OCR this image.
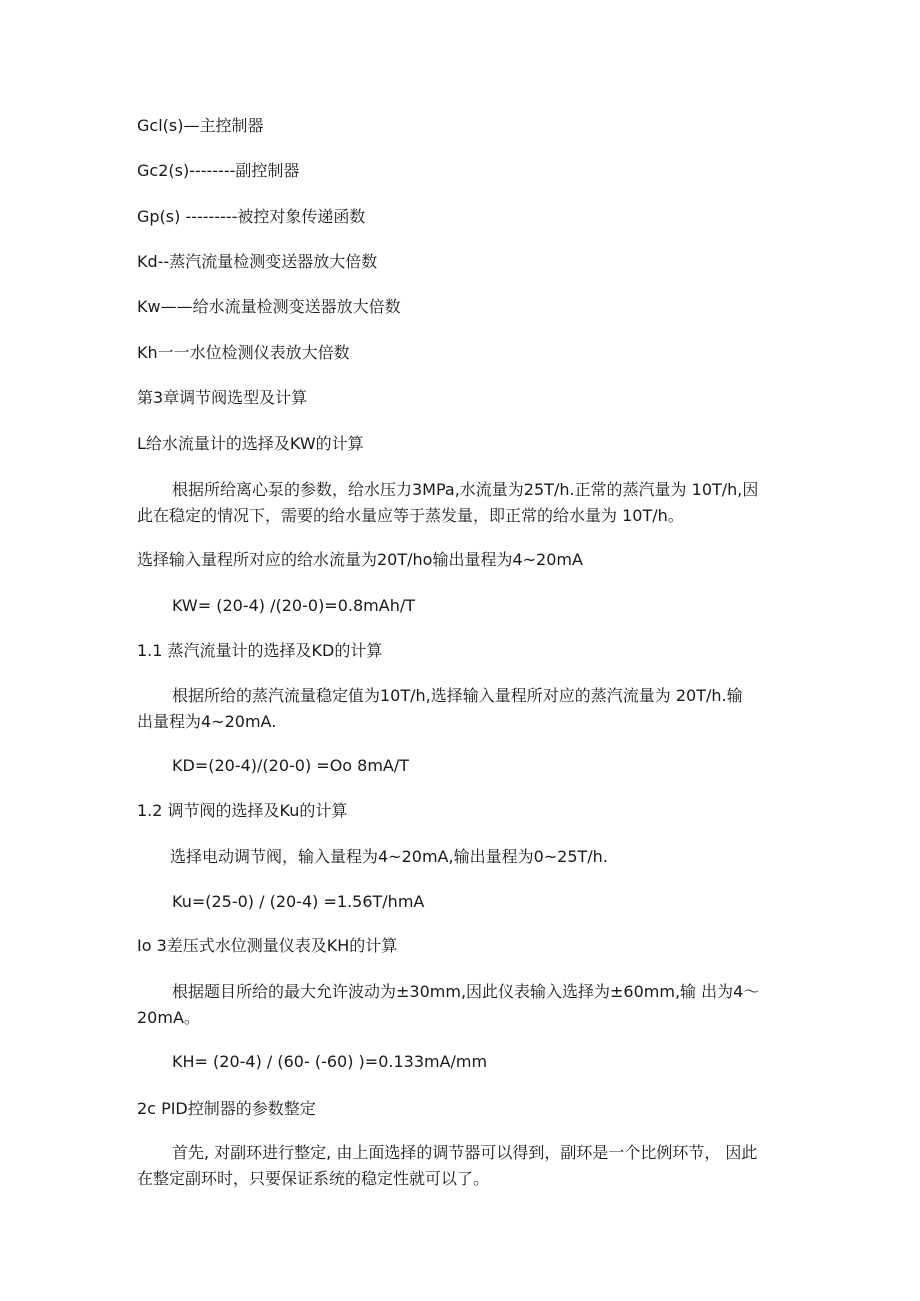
Gcl(s)—主控制器
Gc2(s)--------副控制器
Gp(s) ---------被控对象传递函数
Kd--蒸汽流量检测变送器放大倍数
Kw——给水流量检测变送器放大倍数
Kh一一水位检测仪表放大倍数
第3章调节阀选型及计算
L给水流量计的选择及KW的计算
根据所给离心泵的参数，给水压力3MPa,水流量为25T∕h.正常的蒸汽量为 10T∕h,因
此在稳定的情况下，需要的给水量应等于蒸发量，即正常的给水量为 10T∕h。
选择输入量程所对应的给水流量为20T∕ho输出量程为4~20mA
KW= (20-4) /(20-0)=0.8mAh∕T
1.1 蒸汽流量计的选择及KD的计算
根据所给的蒸汽流量稳定值为10T∕h,选择输入量程所对应的蒸汽流量为 20T∕h.输
出量程为4~20mA.
KD=(20-4)∕(20-0) =Oo 8mA∕T
1.2 调节阀的选择及Ku的计算
选择电动调节阀，输入量程为4~20mA,输出量程为0~25T∕h.
Ku=(25-0) / (20-4) =1.56T∕hmA
Io 3差压式水位测量仪表及KH的计算
根据题目所给的最大允许波动为±30mm,因此仪表输入选择为±60mm,输 出为4～
20mA。
KH= (20-4) / (60- (-60) )=0.133mA∕mm
2c PID控制器的参数整定
首先, 对副环进行整定, 由上面选择的调节器可以得到，副环是一个比例环节， 因此
在整定副环时，只要保证系统的稳定性就可以了。
